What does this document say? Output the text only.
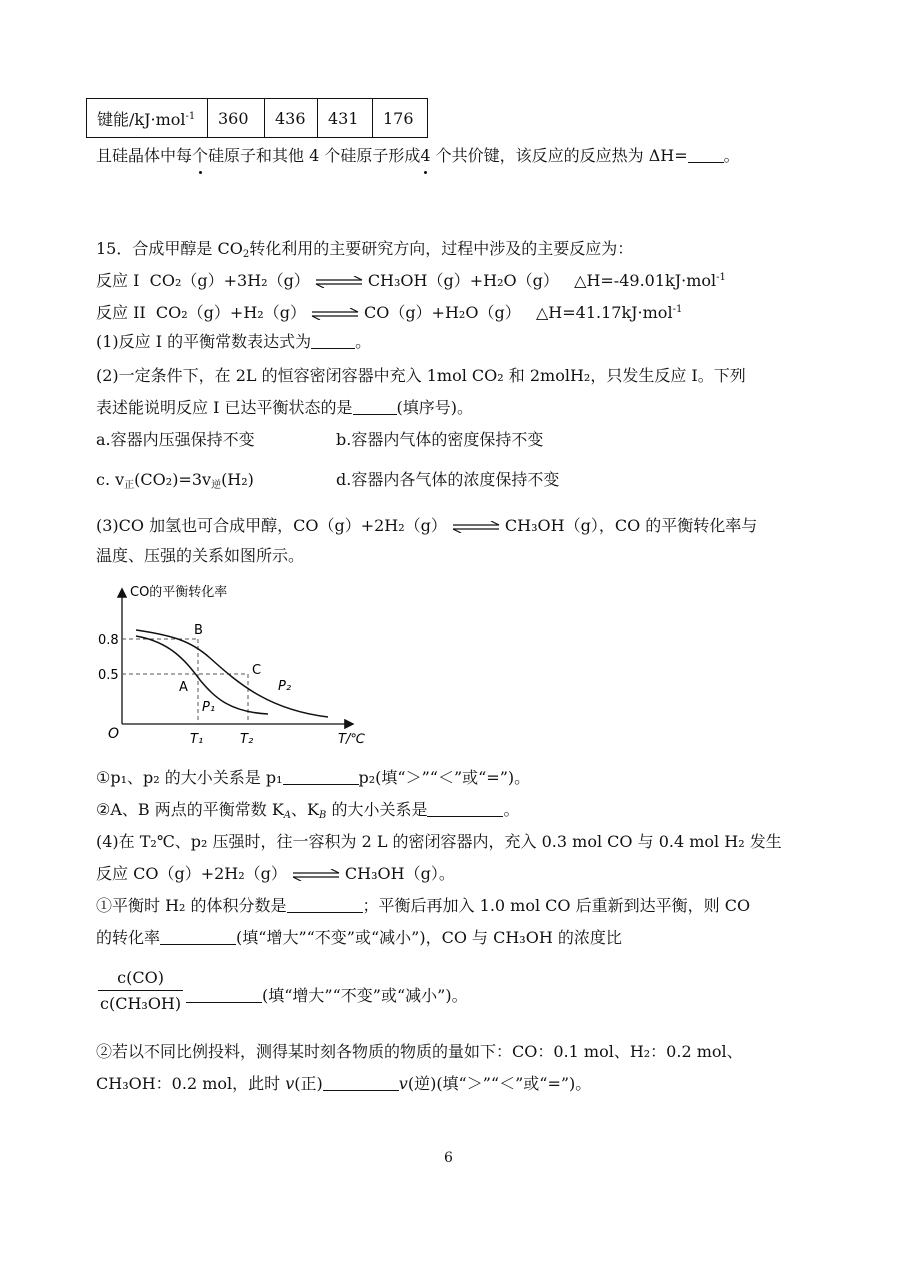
键能/kJ·mol$^{-1}$	360	436	431	176
且硅晶体中每个硅原子和其他 4 个硅原子形成4 个共价键，该反应的反应热为 ΔH= 。
15．合成甲醇是 $CO_2$转化利用的主要研究方向，过程中涉及的主要反应为：
反应 I CO₂（g）+3H₂（g） ⇌ CH₃OH（g）+H₂O（g） △H=-49.01kJ·mol$^{-1}$
反应 II CO₂（g）+H₂（g） ⇌ CO（g）+H₂O（g） △H=41.17kJ·mol$^{-1}$
(1)反应 I 的平衡常数表达式为	。
(2)一定条件下，在 2L 的恒容密闭容器中充入 1mol CO₂ 和 2molH₂，只发生反应 I。下列
表述能说明反应 I 已达平衡状态的是	(填序号)。
a.容器内压强保持不变	b.容器内气体的密度保持不变
c. $v_正(CO_2)=3v_逆(H_2)$	d.容器内各气体的浓度保持不变
(3)CO 加氢也可合成甲醇，CO（g）+2H₂（g） ⇌ CH₃OH（g），CO 的平衡转化率与
温度、压强的关系如图所示。
CO的平衡转化率
0.8
0.5
O	T₁	T₂	T/℃
B
C
A	P₂
P₁
①p₁、p₂ 的大小关系是 p₁	p₂(填“＞”“＜”或“=”)。
②A、B 两点的平衡常数 $K_A$、$K_B$ 的大小关系是	。
(4)在 T₂℃、p₂ 压强时，往一容积为 2 L 的密闭容器内，充入 0.3 mol CO 与 0.4 mol H₂ 发生
反应 CO（g）+2H₂（g） ⇌ CH₃OH（g）。
①平衡时 H₂ 的体积分数是	；平衡后再加入 1.0 mol CO 后重新到达平衡，则 CO
的转化率	(填“增大”“不变”或“减小”)，CO 与 CH₃OH 的浓度比
c(CO)
c(CH₃OH)	(填“增大”“不变”或“减小”)。
②若以不同比例投料，测得某时刻各物质的物质的量如下：CO：0.1 mol、H₂：0.2 mol、
CH₃OH：0.2 mol，此时 v(正)	v(逆)(填“＞”“＜”或“=”)。
6
